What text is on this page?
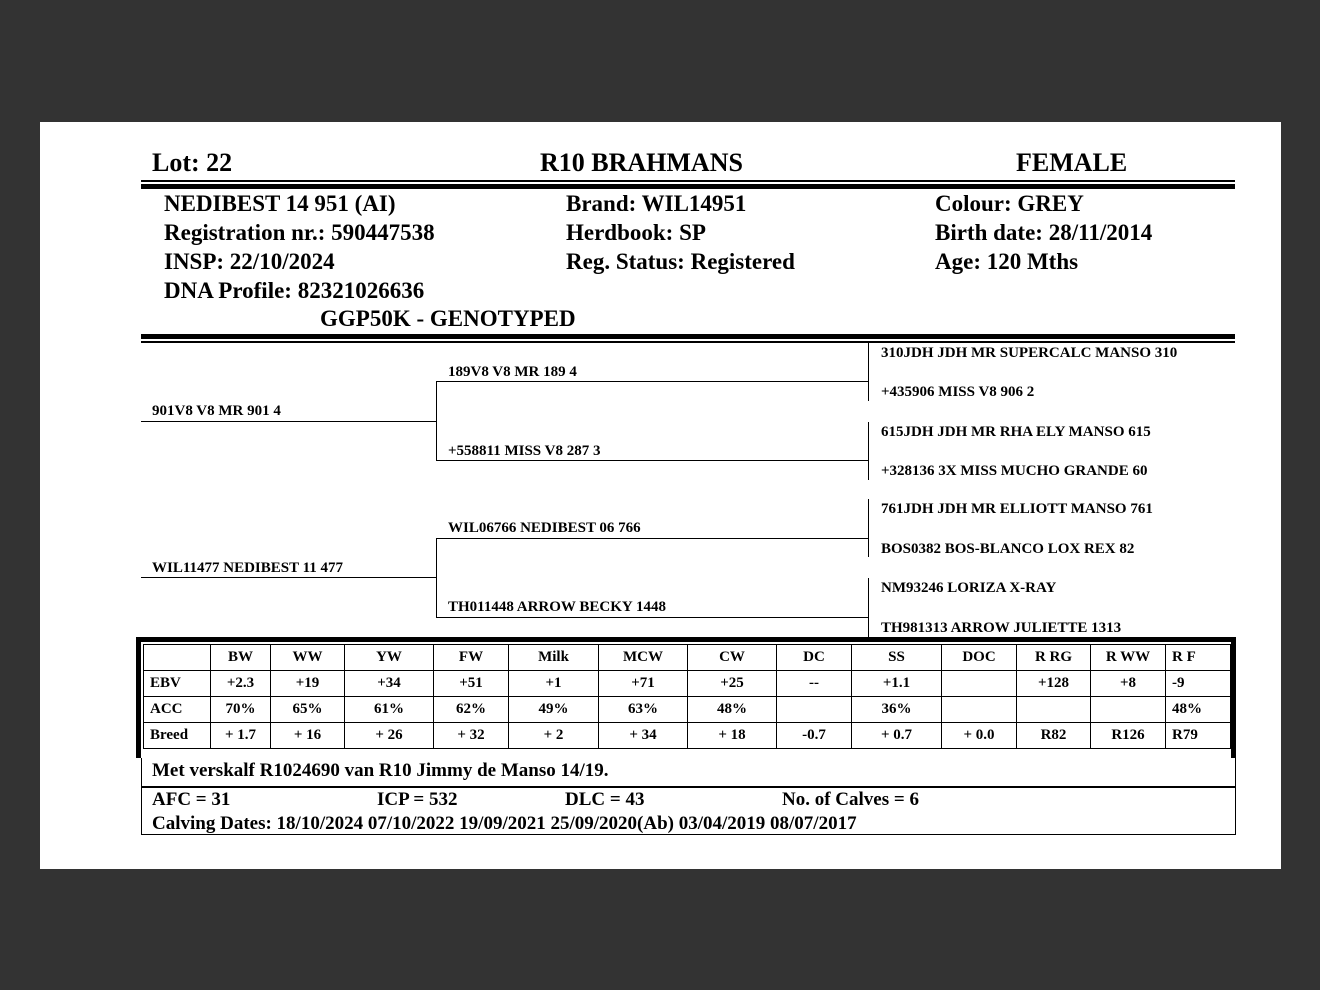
Lot: 22	R10 BRAHMANS	FEMALE
NEDIBEST 14 951 (AI)
Registration nr.: 590447538
INSP: 22/10/2024
DNA Profile: 82321026636
GGP50K - GENOTYPED
Brand: WIL14951
Herdbook: SP
Reg. Status: Registered
Colour: GREY
Birth date: 28/11/2014
Age: 120 Mths
901V8 V8 MR 901 4
189V8 V8 MR 189 4
+558811 MISS V8 287 3
WIL11477 NEDIBEST 11 477
WIL06766 NEDIBEST 06 766
TH011448 ARROW BECKY 1448
310JDH JDH MR SUPERCALC MANSO 310
+435906 MISS V8 906 2
615JDH JDH MR RHA ELY MANSO 615
+328136 3X MISS MUCHO GRANDE 60
761JDH JDH MR ELLIOTT MANSO 761
BOS0382 BOS-BLANCO LOX REX 82
NM93246 LORIZA X-RAY
TH981313 ARROW JULIETTE 1313
	BW	WW	YW	FW	Milk	MCW	CW	DC	SS	DOC	R RG	R WW	R F
EBV	+2.3	+19	+34	+51	+1	+71	+25	--	+1.1		+128	+8	-9
ACC	70%	65%	61%	62%	49%	63%	48%		36%				48%
Breed	+ 1.7	+ 16	+ 26	+ 32	+ 2	+ 34	+ 18	-0.7	+ 0.7	+ 0.0	R82	R126	R79
Met verskalf R1024690 van R10 Jimmy de Manso 14/19.
AFC = 31	ICP = 532	DLC = 43	No. of Calves = 6
Calving Dates: 18/10/2024 07/10/2022 19/09/2021 25/09/2020(Ab) 03/04/2019 08/07/2017
